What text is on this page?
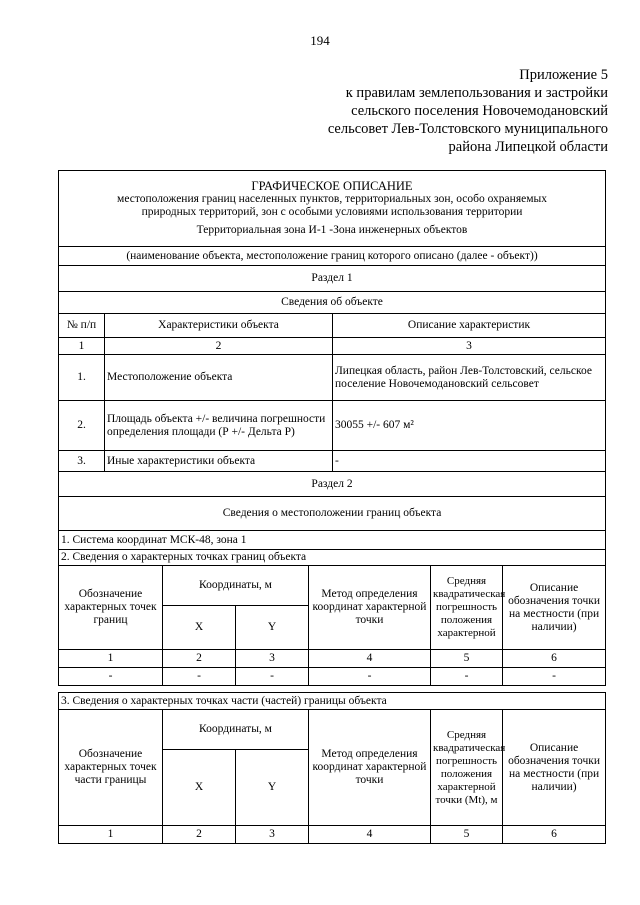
194
Приложение 5
к правилам землепользования и застройки
сельского поселения Новочемодановский
сельсовет Лев-Толстовского муниципального
района Липецкой области
ГРАФИЧЕСКОЕ ОПИСАНИЕ
местоположения границ населенных пунктов, территориальных зон, особо охраняемых
природных территорий, зон с особыми условиями использования территории
Территориальная зона И-1 -Зона инженерных объектов		

(наименование объекта, местоположение границ которого описано (далее - объект))		
Раздел 1		
Сведения об объекте		
№ п/п	Характеристики объекта	Описание характеристик
1	2	3
1.	Местоположение объекта	Липецкая область, район Лев-Толстовский, сельское поселение Новочемодановский сельсовет
2.	Площадь объекта +/- величина погрешности определения площади (Р +/- Дельта Р)	30055 +/- 607 м²
3.	Иные характеристики объекта	-
Раздел 2		
Сведения о местоположении границ объекта		
1. Система координат МСК-48, зона 1					
2. Сведения о характерных точках границ объекта					
Обозначение характерных точек границ	Координаты, м		Метод определения координат характерной точки	Средняя квадратическая погрешность положения характерной	Описание обозначения точки на местности (при наличии)
	X	Y			
1	2	3	4	5	6
-	-	-	-	-	-
3. Сведения о характерных точках части (частей) границы объекта					
Обозначение характерных точек части границы	Координаты, м		Метод определения координат характерной точки	Средняя квадратическая погрешность положения характерной точки (Mt), м	Описание обозначения точки на местности (при наличии)
	X	Y			
1	2	3	4	5	6
